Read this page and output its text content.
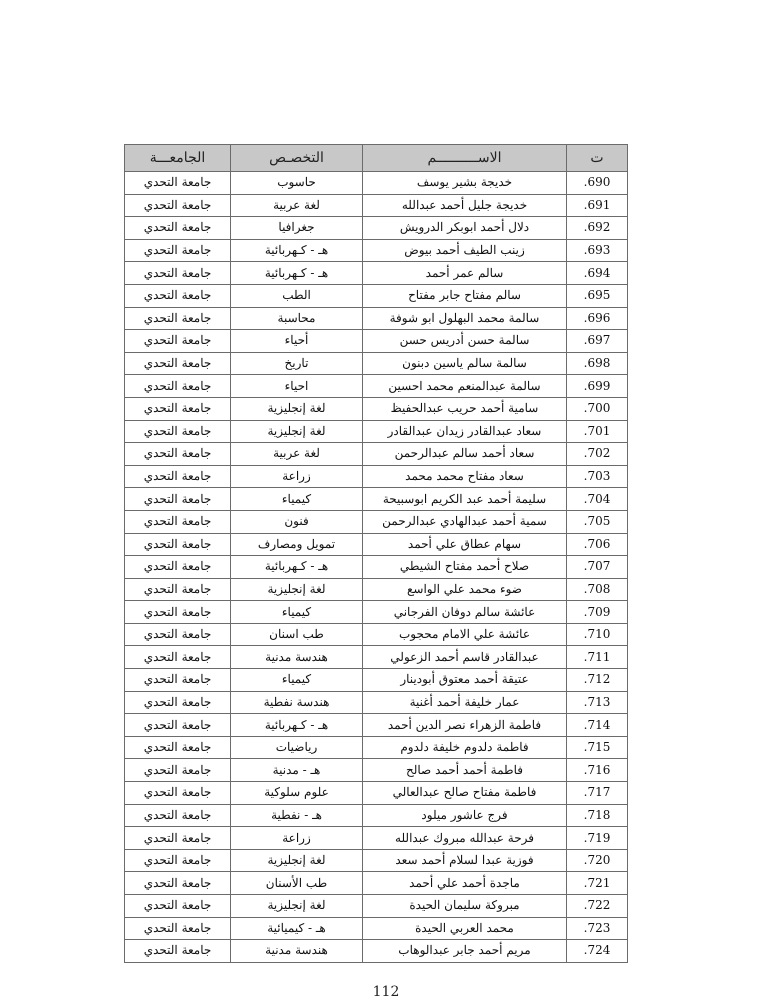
الجامعـــة	التخصـص	الاســــــــــم	ت
جامعة التحدي	حاسوب	خديجة بشير يوسف	.690
جامعة التحدي	لغة عربية	خديجة جليل أحمد عبدالله	.691
جامعة التحدي	جغرافيا	دلال أحمد ابوبكر الدرويش	.692
جامعة التحدي	هـ - كـهربائية	زينب الطيف أحمد بيوض	.693
جامعة التحدي	هـ - كـهربائية	سالم عمر أحمد	.694
جامعة التحدي	الطب	سالم مفتاح جابر مفتاح	.695
جامعة التحدي	محاسبة	سالمة محمد البهلول ابو شوفة	.696
جامعة التحدي	أحياء	سالمة حسن أدريس حسن	.697
جامعة التحدي	تاريخ	سالمة سالم ياسين دبنون	.698
جامعة التحدي	احياء	سالمة عبدالمنعم محمد احسين	.699
جامعة التحدي	لغة إنجليزية	سامية أحمد حريب عبدالحفيظ	.700
جامعة التحدي	لغة إنجليزية	سعاد عبدالقادر زيدان عبدالقادر	.701
جامعة التحدي	لغة عربية	سعاد أحمد سالم عبدالرحمن	.702
جامعة التحدي	زراعة	سعاد مفتاح محمد محمد	.703
جامعة التحدي	كيمياء	سليمة أحمد عبد الكريم ابوسبيحة	.704
جامعة التحدي	فنون	سمية أحمد عبدالهادي عبدالرحمن	.705
جامعة التحدي	تمويل ومصارف	سهام عطاق علي أحمد	.706
جامعة التحدي	هـ - كـهربائية	صلاح أحمد مفتاح الشيطي	.707
جامعة التحدي	لغة إنجليزية	ضوء محمد علي الواسع	.708
جامعة التحدي	كيمياء	عائشة سالم دوفان الفرجاني	.709
جامعة التحدي	طب اسنان	عائشة علي الامام محجوب	.710
جامعة التحدي	هندسة مدنية	عبدالقادر قاسم أحمد الزعولي	.711
جامعة التحدي	كيمياء	عتيقة أحمد معتوق أبودينار	.712
جامعة التحدي	هندسة نفطية	عمار خليفة أحمد أغنية	.713
جامعة التحدي	هـ - كـهربائية	فاطمة الزهراء نصر الدين أحمد	.714
جامعة التحدي	رياضيات	فاطمة دلدوم خليفة دلدوم	.715
جامعة التحدي	هـ - مدنية	فاطمة أحمد أحمد صالح	.716
جامعة التحدي	علوم سلوكية	فاطمة مفتاح صالح عبدالعالي	.717
جامعة التحدي	هـ - نفطية	فرج عاشور ميلود	.718
جامعة التحدي	زراعة	فرحة عبدالله مبروك عبدالله	.719
جامعة التحدي	لغة إنجليزية	فوزية عبدا لسلام أحمد سعد	.720
جامعة التحدي	طب الأسنان	ماجدة أحمد علي أحمد	.721
جامعة التحدي	لغة إنجليزية	مبروكة سليمان الحيدة	.722
جامعة التحدي	هـ - كيميائية	محمد العربي الحيدة	.723
جامعة التحدي	هندسة مدنية	مريم أحمد جابر عبدالوهاب	.724
112
